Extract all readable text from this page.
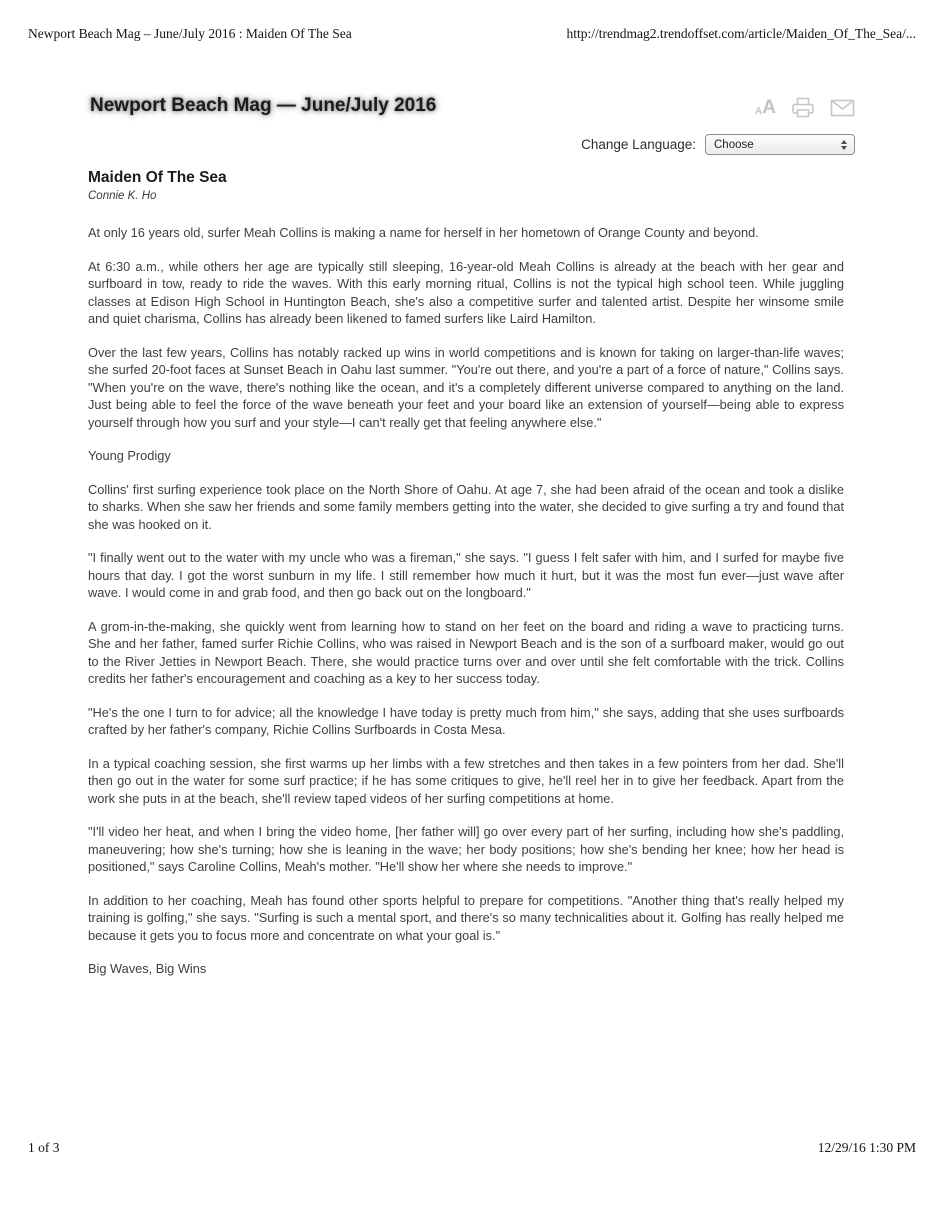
Newport Beach Mag – June/July 2016 : Maiden Of The Sea	http://trendmag2.trendoffset.com/article/Maiden_Of_The_Sea/...
Newport Beach Mag — June/July 2016	A A
Change Language: Choose
Maiden Of The Sea
Connie K. Ho

At only 16 years old, surfer Meah Collins is making a name for herself in her hometown of Orange County and beyond.

At 6:30 a.m., while others her age are typically still sleeping, 16-year-old Meah Collins is already at the beach with her gear and surfboard in tow, ready to ride the waves. With this early morning ritual, Collins is not the typical high school teen. While juggling classes at Edison High School in Huntington Beach, she's also a competitive surfer and talented artist. Despite her winsome smile and quiet charisma, Collins has already been likened to famed surfers like Laird Hamilton.

Over the last few years, Collins has notably racked up wins in world competitions and is known for taking on larger-than-life waves; she surfed 20-foot faces at Sunset Beach in Oahu last summer. "You're out there, and you're a part of a force of nature," Collins says. "When you're on the wave, there's nothing like the ocean, and it's a completely different universe compared to anything on the land. Just being able to feel the force of the wave beneath your feet and your board like an extension of yourself—being able to express yourself through how you surf and your style—I can't really get that feeling anywhere else."

Young Prodigy

Collins' first surfing experience took place on the North Shore of Oahu. At age 7, she had been afraid of the ocean and took a dislike to sharks. When she saw her friends and some family members getting into the water, she decided to give surfing a try and found that she was hooked on it.

"I finally went out to the water with my uncle who was a fireman," she says. "I guess I felt safer with him, and I surfed for maybe five hours that day. I got the worst sunburn in my life. I still remember how much it hurt, but it was the most fun ever—just wave after wave. I would come in and grab food, and then go back out on the longboard."

A grom-in-the-making, she quickly went from learning how to stand on her feet on the board and riding a wave to practicing turns. She and her father, famed surfer Richie Collins, who was raised in Newport Beach and is the son of a surfboard maker, would go out to the River Jetties in Newport Beach. There, she would practice turns over and over until she felt comfortable with the trick. Collins credits her father's encouragement and coaching as a key to her success today.

"He's the one I turn to for advice; all the knowledge I have today is pretty much from him," she says, adding that she uses surfboards crafted by her father's company, Richie Collins Surfboards in Costa Mesa.

In a typical coaching session, she first warms up her limbs with a few stretches and then takes in a few pointers from her dad. She'll then go out in the water for some surf practice; if he has some critiques to give, he'll reel her in to give her feedback. Apart from the work she puts in at the beach, she'll review taped videos of her surfing competitions at home.

"I'll video her heat, and when I bring the video home, [her father will] go over every part of her surfing, including how she's paddling, maneuvering; how she's turning; how she is leaning in the wave; her body positions; how she's bending her knee; how her head is positioned," says Caroline Collins, Meah's mother. "He'll show her where she needs to improve."

In addition to her coaching, Meah has found other sports helpful to prepare for competitions. "Another thing that's really helped my training is golfing," she says. "Surfing is such a mental sport, and there's so many technicalities about it. Golfing has really helped me because it gets you to focus more and concentrate on what your goal is."

Big Waves, Big Wins

1 of 3	12/29/16 1:30 PM
